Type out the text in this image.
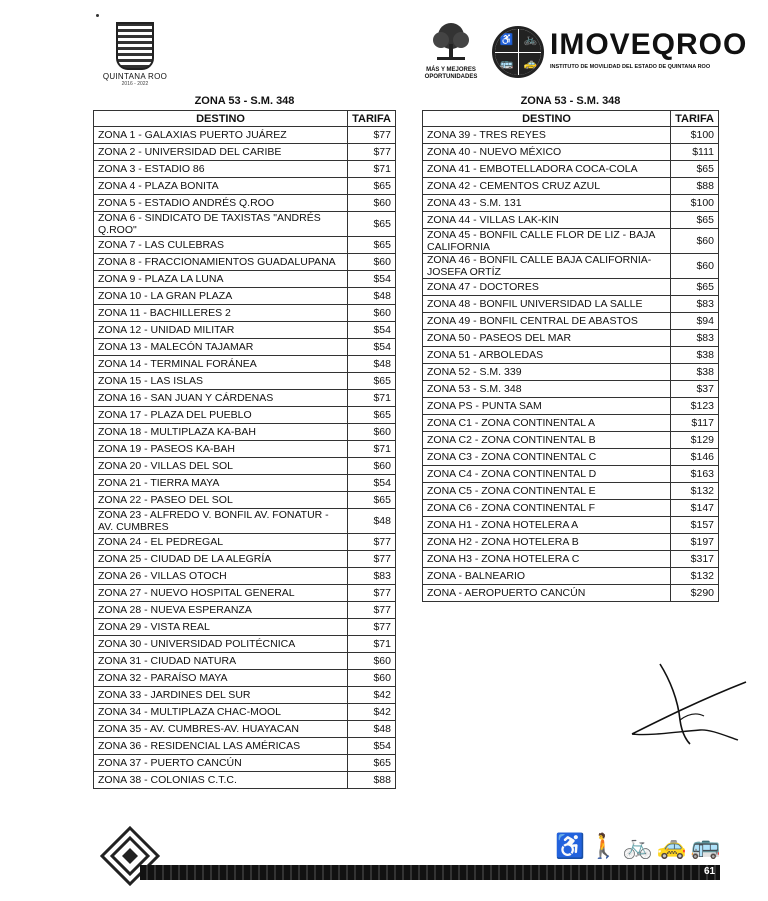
QUINTANA ROO
2016 - 2022
MÁS Y MEJORES OPORTUNIDADES
♿ 🚲
🚌 🚕
IMOVEQROO
INSTITUTO DE MOVILIDAD DEL ESTADO DE QUINTANA ROO
ZONA 53 - S.M. 348
DESTINO	TARIFA
ZONA 1 - GALAXIAS PUERTO JUÁREZ	$77
ZONA 2 - UNIVERSIDAD DEL CARIBE	$77
ZONA 3 - ESTADIO 86	$71
ZONA 4 - PLAZA BONITA	$65
ZONA 5 - ESTADIO ANDRÉS Q.ROO	$60
ZONA 6 - SINDICATO DE TAXISTAS "ANDRÉS Q.ROO"	$65
ZONA 7 - LAS CULEBRAS	$65
ZONA 8 - FRACCIONAMIENTOS GUADALUPANA	$60
ZONA 9 - PLAZA LA LUNA	$54
ZONA 10 - LA GRAN PLAZA	$48
ZONA 11 - BACHILLERES 2	$60
ZONA 12 - UNIDAD MILITAR	$54
ZONA 13 - MALECÓN TAJAMAR	$54
ZONA 14 - TERMINAL FORÁNEA	$48
ZONA 15 - LAS ISLAS	$65
ZONA 16 - SAN JUAN Y CÁRDENAS	$71
ZONA 17 - PLAZA DEL PUEBLO	$65
ZONA 18 - MULTIPLAZA KA-BAH	$60
ZONA 19 - PASEOS KA-BAH	$71
ZONA 20 - VILLAS DEL SOL	$60
ZONA 21 - TIERRA MAYA	$54
ZONA 22 - PASEO DEL SOL	$65
ZONA 23 - ALFREDO V. BONFIL AV. FONATUR - AV. CUMBRES	$48
ZONA 24 - EL PEDREGAL	$77
ZONA 25 - CIUDAD DE LA ALEGRÍA	$77
ZONA 26 - VILLAS OTOCH	$83
ZONA 27 - NUEVO HOSPITAL GENERAL	$77
ZONA 28 - NUEVA ESPERANZA	$77
ZONA 29 - VISTA REAL	$77
ZONA 30 - UNIVERSIDAD POLITÉCNICA	$71
ZONA 31 - CIUDAD NATURA	$60
ZONA 32 - PARAÍSO MAYA	$60
ZONA 33 - JARDINES DEL SUR	$42
ZONA 34 - MULTIPLAZA CHAC-MOOL	$42
ZONA 35 - AV. CUMBRES-AV. HUAYACAN	$48
ZONA 36 - RESIDENCIAL LAS AMÉRICAS	$54
ZONA 37 - PUERTO CANCÚN	$65
ZONA 38 - COLONIAS C.T.C.	$88
ZONA 53 - S.M. 348
DESTINO	TARIFA
ZONA 39 - TRES REYES	$100
ZONA 40 - NUEVO MÉXICO	$111
ZONA 41 - EMBOTELLADORA COCA-COLA	$65
ZONA 42 - CEMENTOS CRUZ AZUL	$88
ZONA 43 - S.M. 131	$100
ZONA 44 - VILLAS LAK-KIN	$65
ZONA 45 - BONFIL CALLE FLOR DE LIZ - BAJA CALIFORNIA	$60
ZONA 46 - BONFIL CALLE BAJA CALIFORNIA-JOSEFA ORTÍZ	$60
ZONA 47 - DOCTORES	$65
ZONA 48 - BONFIL UNIVERSIDAD LA SALLE	$83
ZONA 49 - BONFIL CENTRAL DE ABASTOS	$94
ZONA 50 - PASEOS DEL MAR	$83
ZONA 51 - ARBOLEDAS	$38
ZONA 52 - S.M. 339	$38
ZONA 53 - S.M. 348	$37
ZONA PS - PUNTA SAM	$123
ZONA C1 - ZONA CONTINENTAL A	$117
ZONA C2 - ZONA CONTINENTAL B	$129
ZONA C3 - ZONA CONTINENTAL C	$146
ZONA C4 - ZONA CONTINENTAL D	$163
ZONA C5 - ZONA CONTINENTAL E	$132
ZONA C6 - ZONA CONTINENTAL F	$147
ZONA H1 - ZONA HOTELERA A	$157
ZONA H2 - ZONA HOTELERA B	$197
ZONA H3 - ZONA HOTELERA C	$317
ZONA - BALNEARIO	$132
ZONA - AEROPUERTO CANCÚN	$290
♿🚶🚲🚕🚌
61
